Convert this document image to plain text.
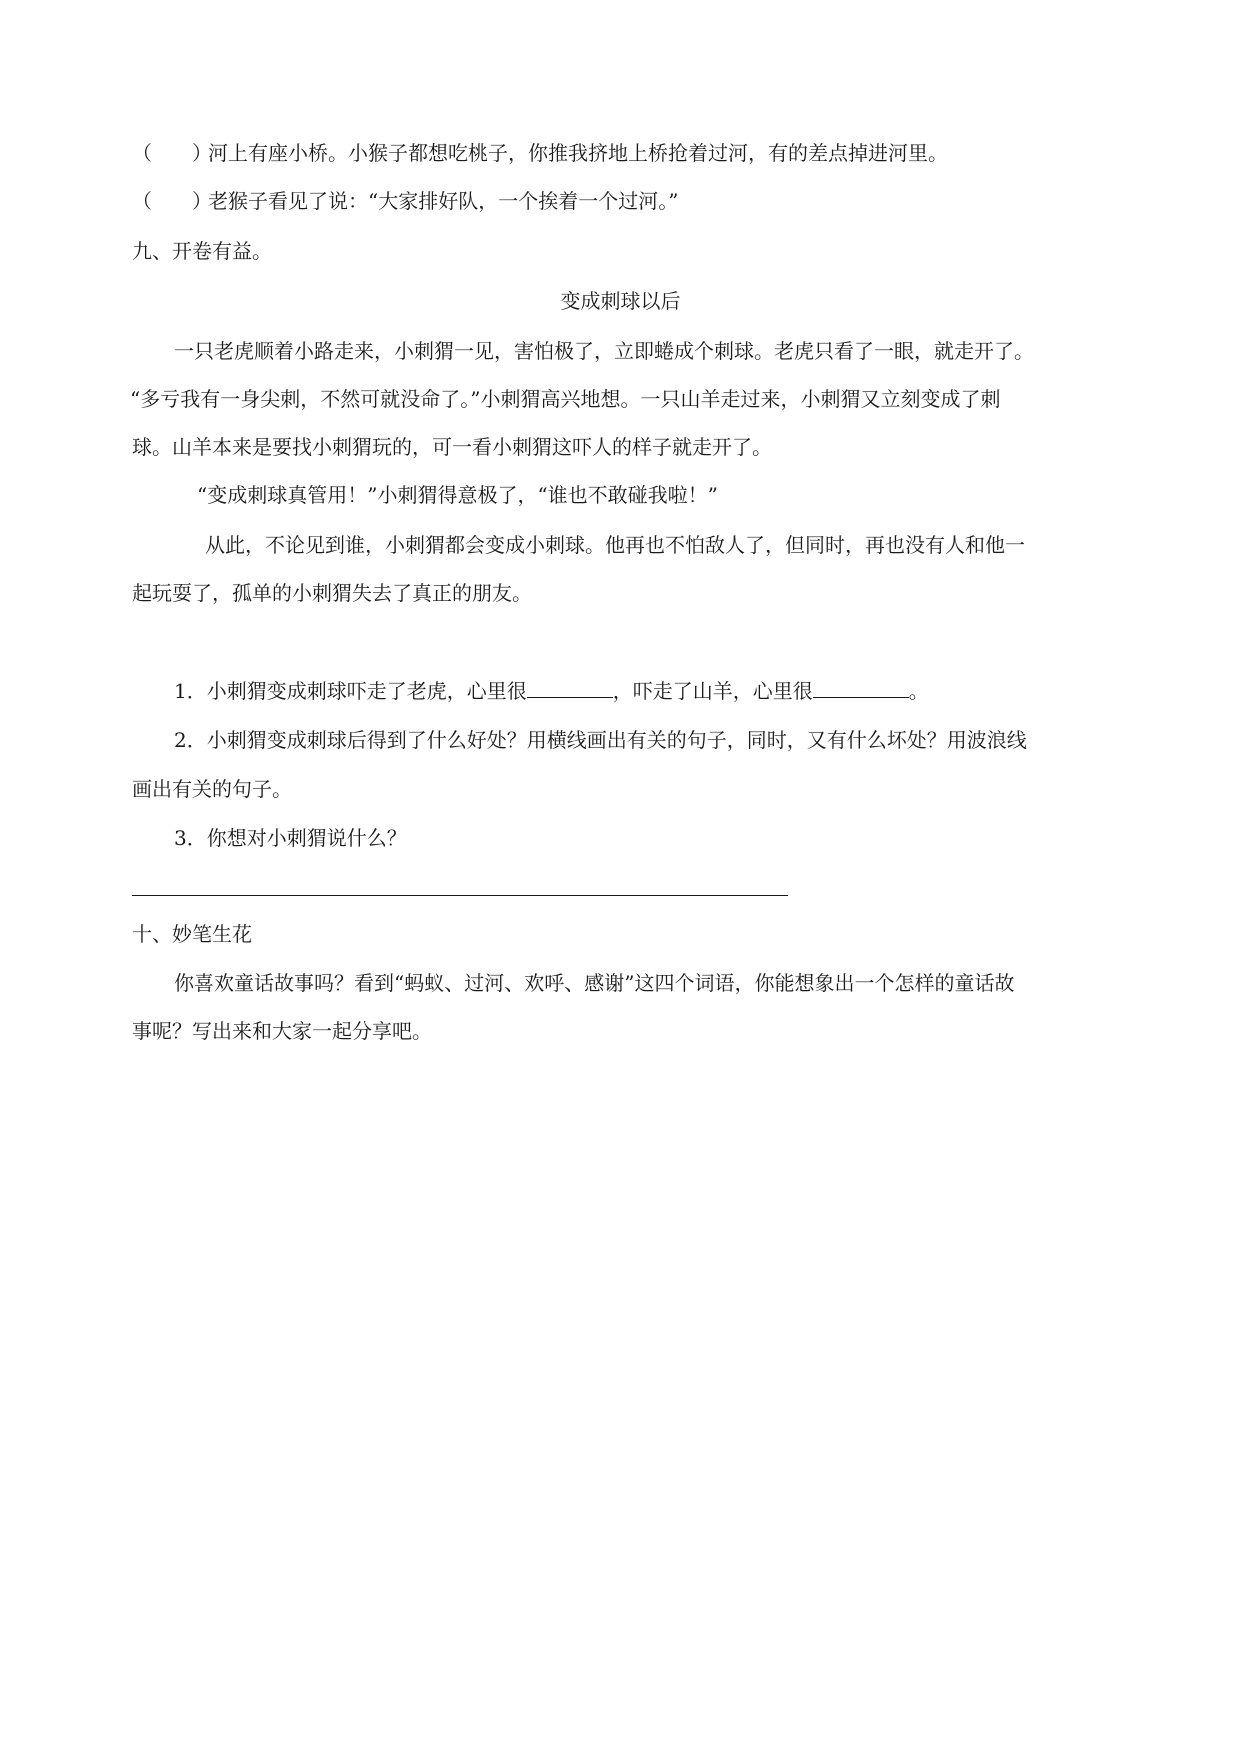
（　　）河上有座小桥。小猴子都想吃桃子，你推我挤地上桥抢着过河，有的差点掉进河里。
（　　）老猴子看见了说：“大家排好队，一个挨着一个过河。”
九、开卷有益。
变成刺球以后
一只老虎顺着小路走来，小刺猬一见，害怕极了，立即蜷成个刺球。老虎只看了一眼，就走开了。
“多亏我有一身尖刺，不然可就没命了。”小刺猬高兴地想。一只山羊走过来，小刺猬又立刻变成了刺
球。山羊本来是要找小刺猬玩的，可一看小刺猬这吓人的样子就走开了。
“变成刺球真管用！”小刺猬得意极了，“谁也不敢碰我啦！”
从此，不论见到谁，小刺猬都会变成小刺球。他再也不怕敌人了，但同时，再也没有人和他一
起玩耍了，孤单的小刺猬失去了真正的朋友。
1．小刺猬变成刺球吓走了老虎，心里很	，吓走了山羊，心里很	。
2．小刺猬变成刺球后得到了什么好处？用横线画出有关的句子，同时，又有什么坏处？用波浪线
画出有关的句子。
3．你想对小刺猬说什么？
十、妙笔生花
你喜欢童话故事吗？看到“蚂蚁、过河、欢呼、感谢”这四个词语，你能想象出一个怎样的童话故
事呢？写出来和大家一起分享吧。
